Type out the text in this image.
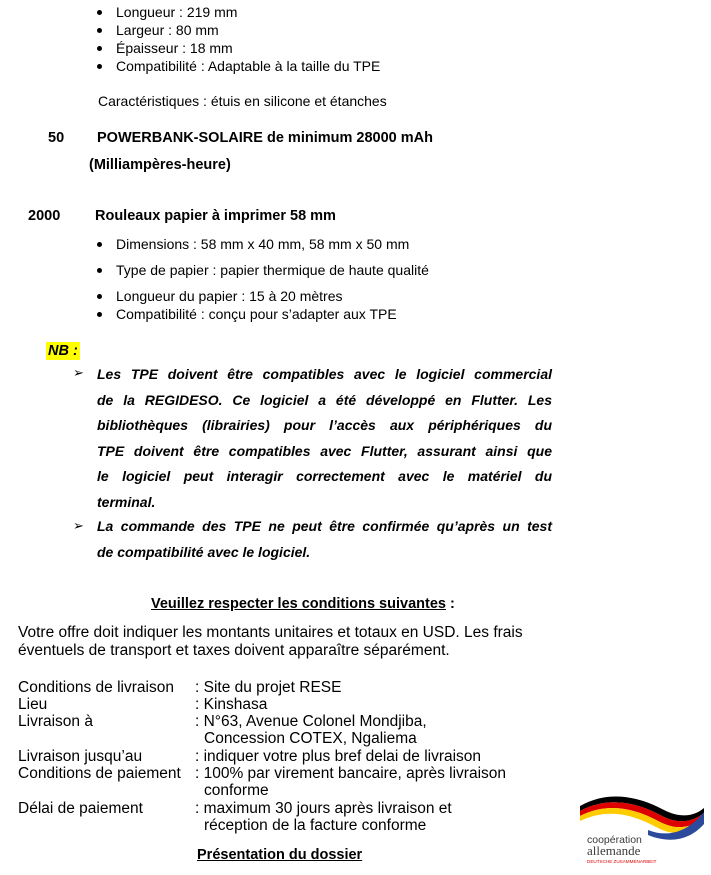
Longueur : 219 mm
Largeur : 80 mm
Épaisseur : 18 mm
Compatibilité : Adaptable à la taille du TPE
Caractéristiques : étuis en silicone et étanches
50 POWERBANK-SOLAIRE de minimum 28000 mAh
(Milliampères-heure)
2000 Rouleaux papier à imprimer 58 mm
Dimensions : 58 mm x 40 mm, 58 mm x 50 mm
Type de papier : papier thermique de haute qualité
Longueur du papier : 15 à 20 mètres
Compatibilité : conçu pour s’adapter aux TPE
NB :
➢ Les TPE doivent être compatibles avec le logiciel commercial
de la REGIDESO. Ce logiciel a été développé en Flutter. Les
bibliothèques (librairies) pour l’accès aux périphériques du
TPE doivent être compatibles avec Flutter, assurant ainsi que
le logiciel peut interagir correctement avec le matériel du
terminal.
➢ La commande des TPE ne peut être confirmée qu’après un test
de compatibilité avec le logiciel.
Veuillez respecter les conditions suivantes :
Votre offre doit indiquer les montants unitaires et totaux en USD. Les frais
éventuels de transport et taxes doivent apparaître séparément.
Conditions de livraison : Site du projet RESE
Lieu	: Kinshasa
Livraison à	: N°63, Avenue Colonel Mondjiba,
Concession COTEX, Ngaliema
Livraison jusqu’au	: indiquer votre plus bref delai de livraison
Conditions de paiement : 100% par virement bancaire, après livraison
conforme
Délai de paiement	: maximum 30 jours après livraison et
réception de la facture conforme
Présentation du dossier
coopération
allemande
DEUTSCHE ZUSAMMENARBEIT
